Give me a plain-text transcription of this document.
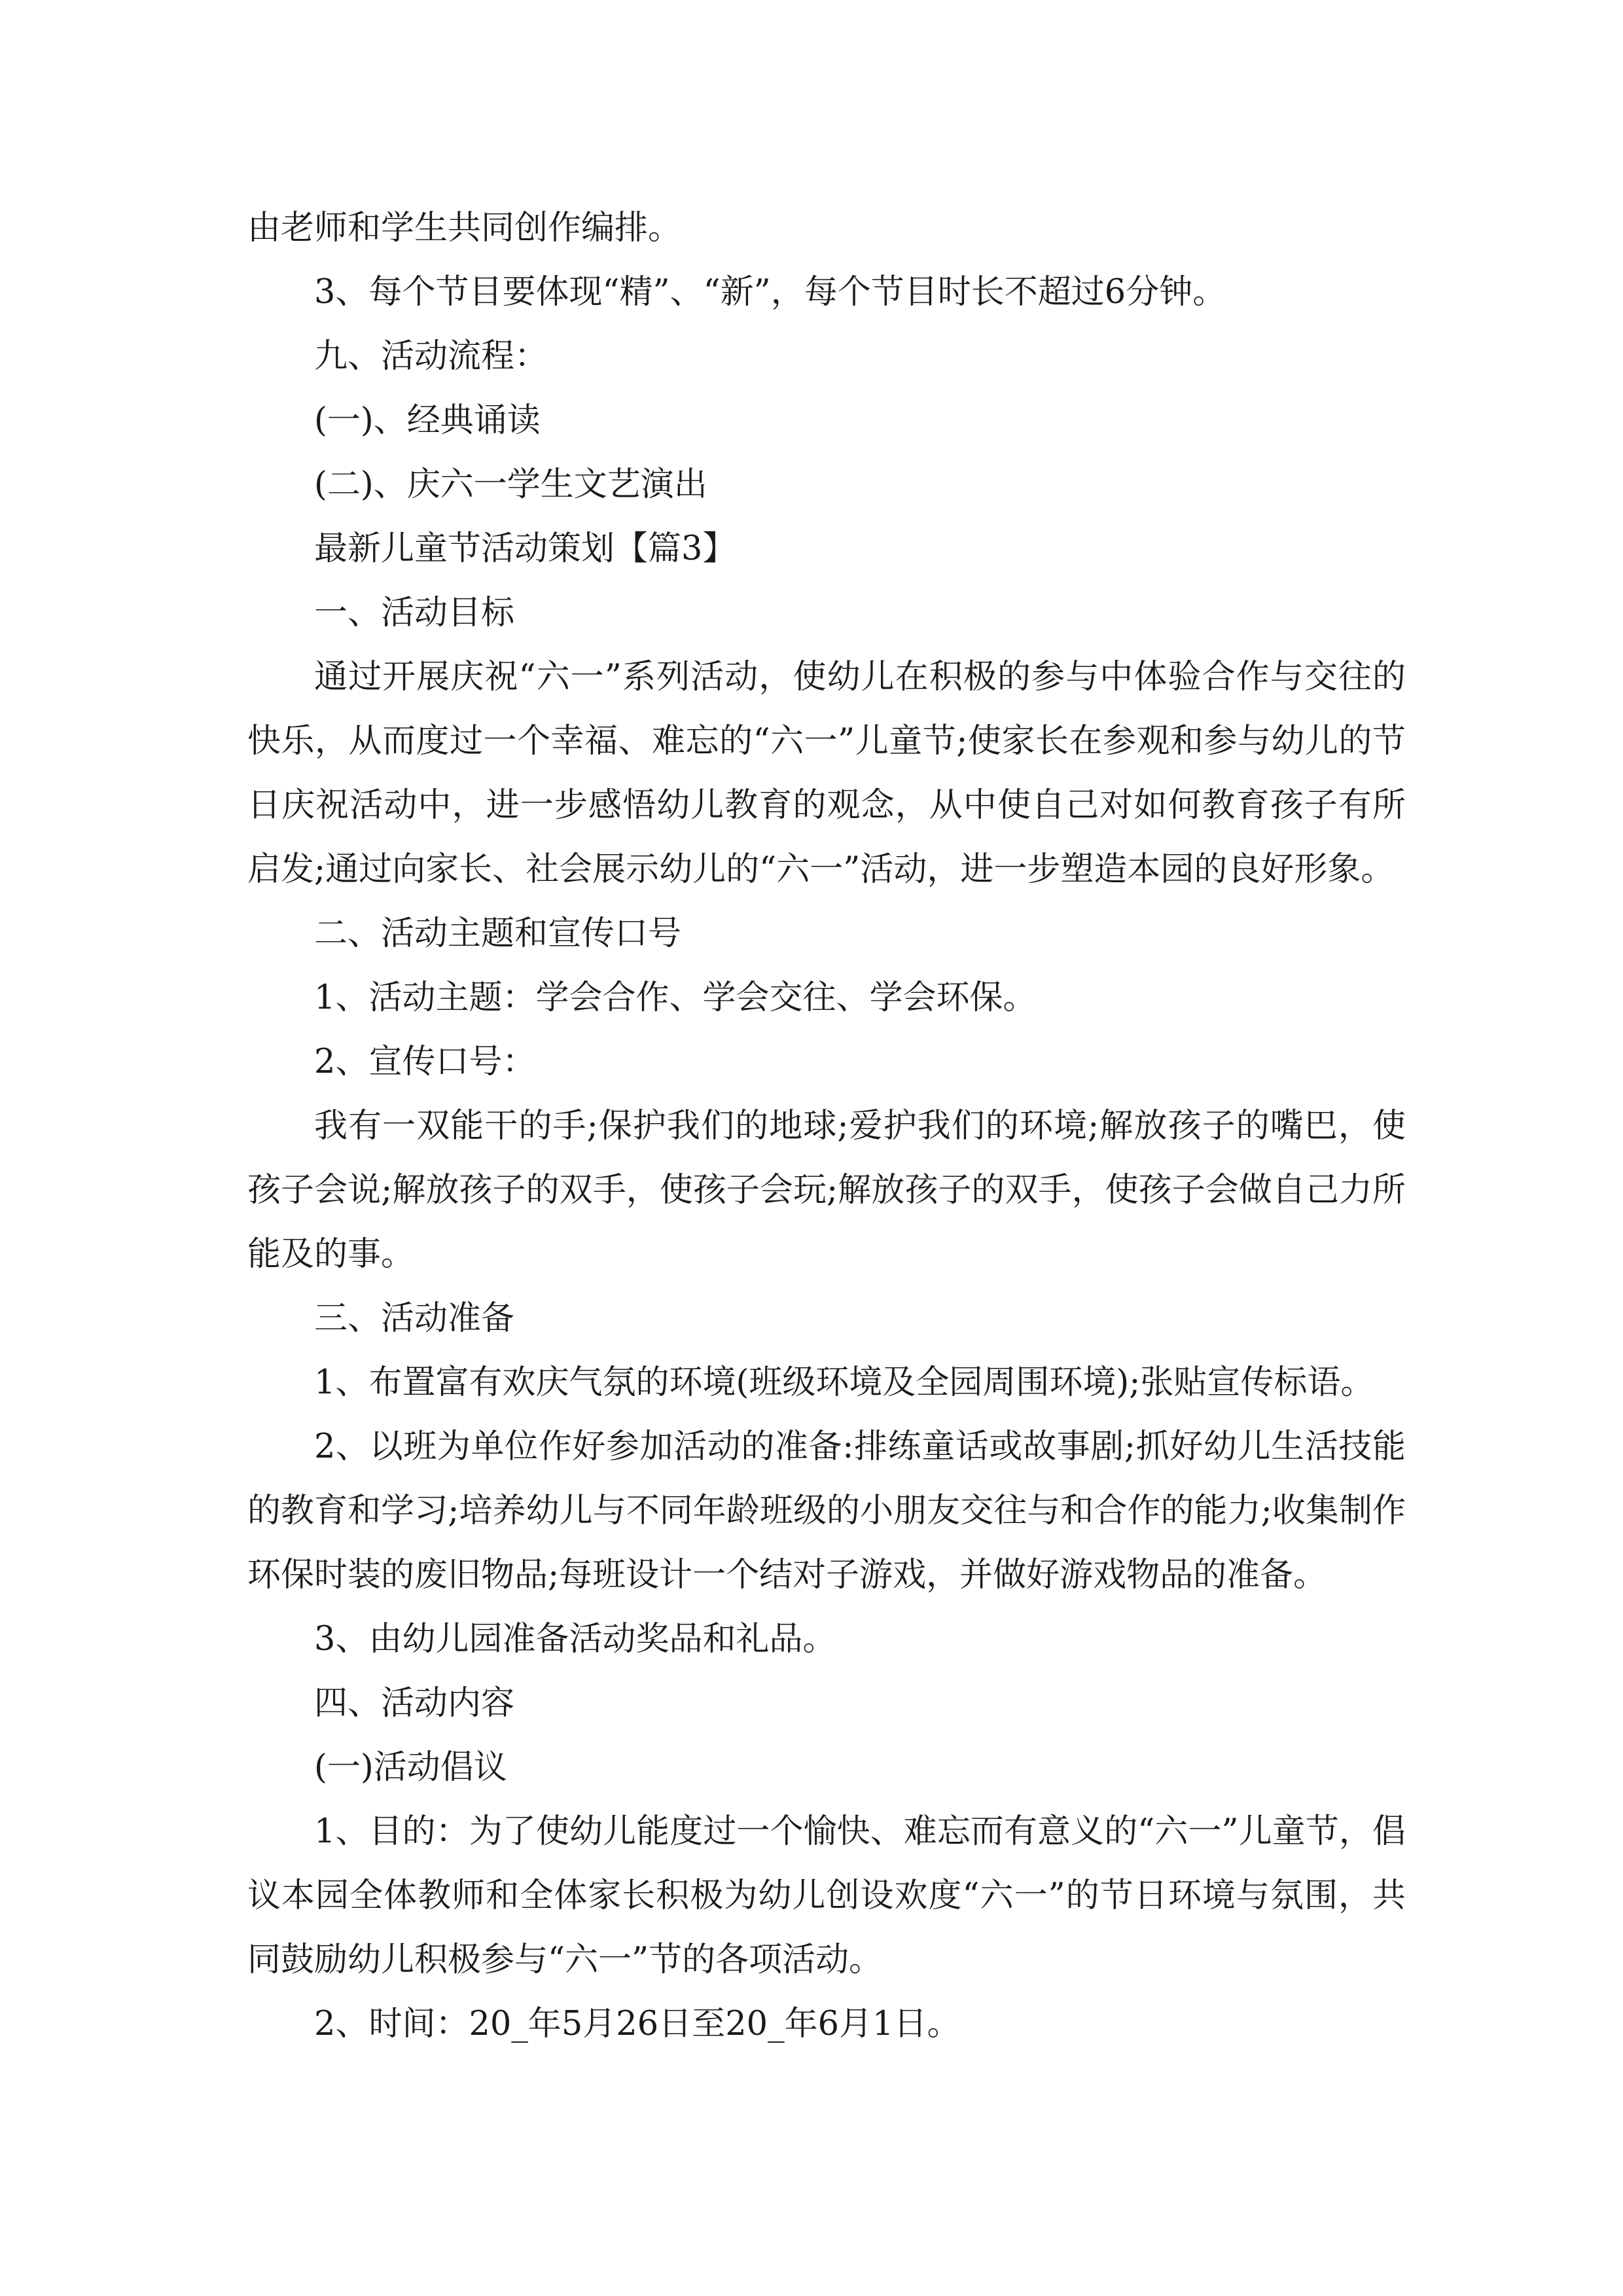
由老师和学生共同创作编排。

3、每个节目要体现“精”、“新”，每个节目时长不超过6分钟。

九、活动流程：

(一)、经典诵读

(二)、庆六一学生文艺演出

最新儿童节活动策划【篇3】

一、活动目标

通过开展庆祝“六一”系列活动，使幼儿在积极的参与中体验合作与交往的快乐，从而度过一个幸福、难忘的“六一”儿童节;使家长在参观和参与幼儿的节日庆祝活动中，进一步感悟幼儿教育的观念，从中使自己对如何教育孩子有所启发;通过向家长、社会展示幼儿的“六一”活动，进一步塑造本园的良好形象。

二、活动主题和宣传口号

1、活动主题：学会合作、学会交往、学会环保。

2、宣传口号：

我有一双能干的手;保护我们的地球;爱护我们的环境;解放孩子的嘴巴，使孩子会说;解放孩子的双手，使孩子会玩;解放孩子的双手，使孩子会做自己力所能及的事。

三、活动准备

1、布置富有欢庆气氛的环境(班级环境及全园周围环境);张贴宣传标语。

2、以班为单位作好参加活动的准备:排练童话或故事剧;抓好幼儿生活技能的教育和学习;培养幼儿与不同年龄班级的小朋友交往与和合作的能力;收集制作环保时装的废旧物品;每班设计一个结对子游戏，并做好游戏物品的准备。

3、由幼儿园准备活动奖品和礼品。

四、活动内容

(一)活动倡议

1、目的：为了使幼儿能度过一个愉快、难忘而有意义的“六一”儿童节，倡议本园全体教师和全体家长积极为幼儿创设欢度“六一”的节日环境与氛围，共同鼓励幼儿积极参与“六一”节的各项活动。

2、时间：20_年5月26日至20_年6月1日。
